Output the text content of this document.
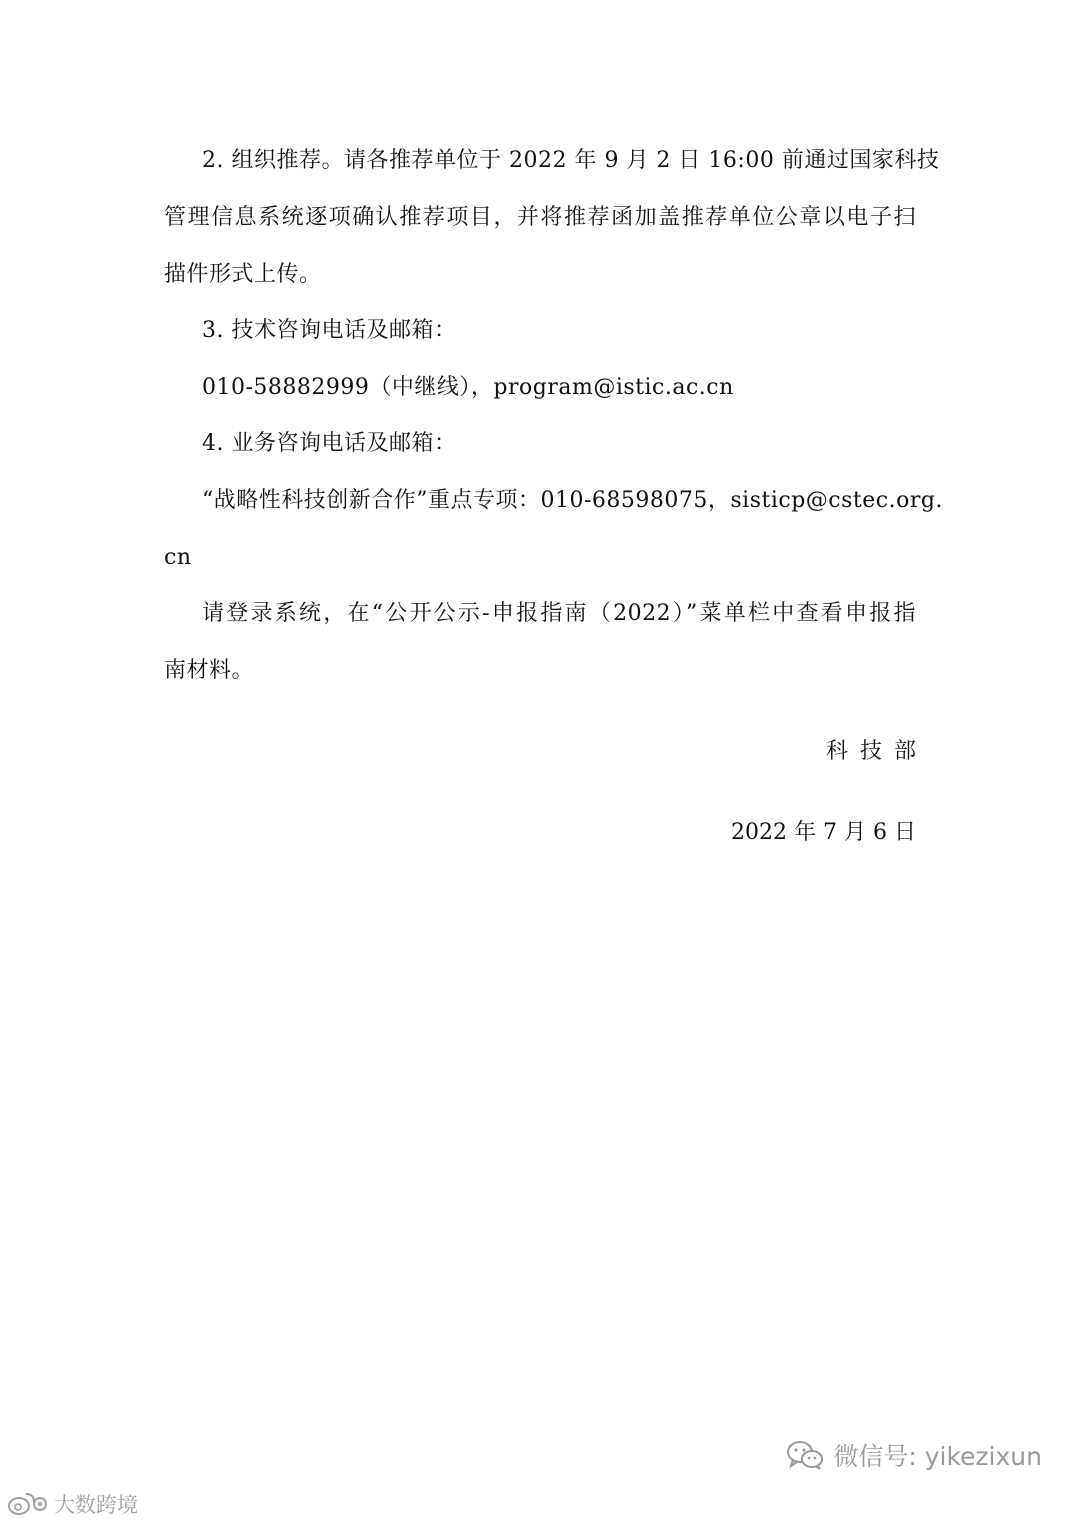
2. 组织推荐。请各推荐单位于 2022 年 9 月 2 日 16:00 前通过国家科技
管理信息系统逐项确认推荐项目，并将推荐函加盖推荐单位公章以电子扫
描件形式上传。
3. 技术咨询电话及邮箱：
010-58882999（中继线），program@istic.ac.cn
4. 业务咨询电话及邮箱：
“战略性科技创新合作”重点专项：010-68598075，sisticp@cstec.org.
cn
请登录系统，在“公开公示-申报指南（2022）”菜单栏中查看申报指
南材料。
科技部
2022 年 7 月 6 日
微信号: yikezixun
大数跨境
